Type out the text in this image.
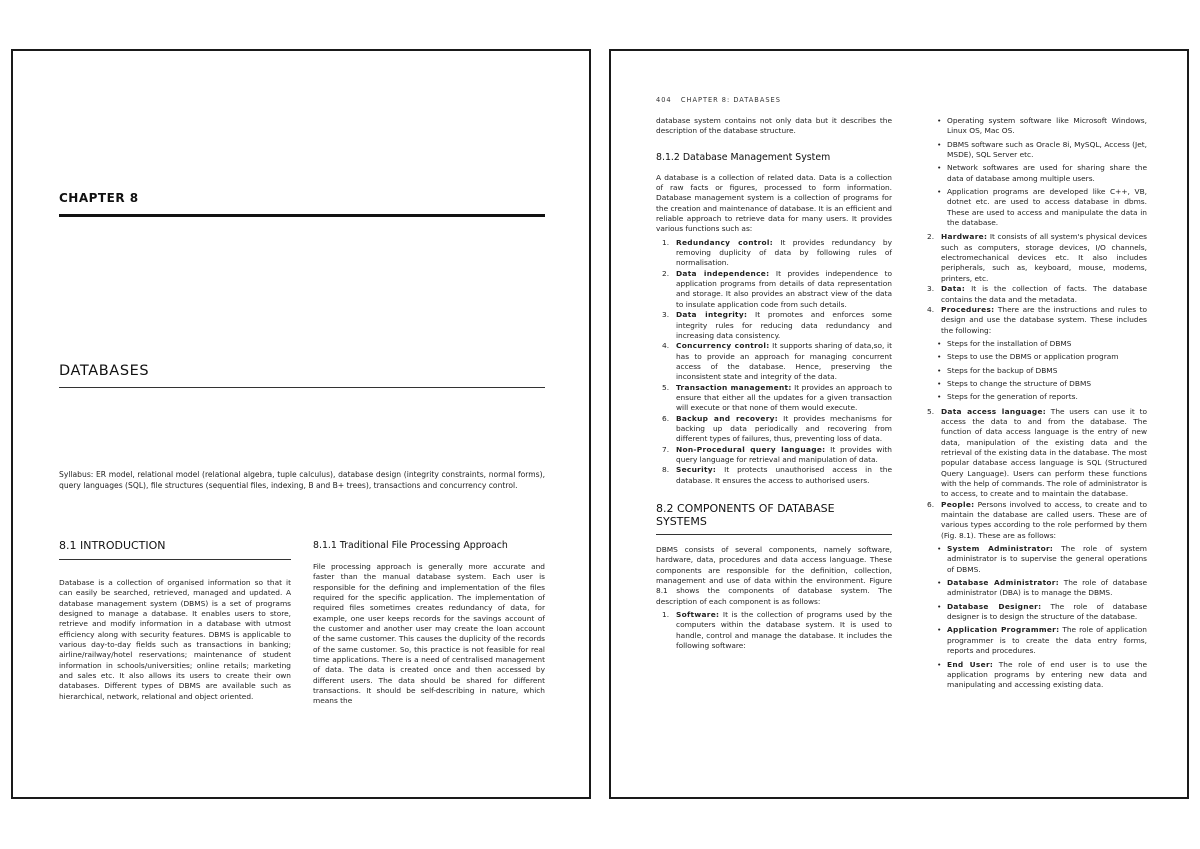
CHAPTER 8
DATABASES
Syllabus: ER model, relational model (relational algebra, tuple calculus), database design (integrity constraints, normal forms), query languages (SQL), file structures (sequential files, indexing, B and B+ trees), transactions and concurrency control.
8.1 INTRODUCTION
Database is a collection of organised information so that it can easily be searched, retrieved, managed and updated. A database management system (DBMS) is a set of programs designed to manage a database. It enables users to store, retrieve and modify information in a database with utmost efficiency along with security features. DBMS is applicable to various day-to-day fields such as transactions in banking; airline/railway/hotel reservations; maintenance of student information in schools/universities; online retails; marketing and sales etc. It also allows its users to create their own databases. Different types of DBMS are available such as hierarchical, network, relational and object oriented.
8.1.1 Traditional File Processing Approach
File processing approach is generally more accurate and faster than the manual database system. Each user is responsible for the defining and implementation of the files required for the specific application. The implementation of required files sometimes creates redundancy of data, for example, one user keeps records for the savings account of the customer and another user may create the loan account of the same customer. This causes the duplicity of the records of the same customer. So, this practice is not feasible for real time applications. There is a need of centralised management of data. The data is created once and then accessed by different users. The data should be shared for different transactions. It should be self-describing in nature, which means the
404 CHAPTER 8: DATABASES
database system contains not only data but it describes the description of the database structure.
8.1.2 Database Management System
A database is a collection of related data. Data is a collection of raw facts or figures, processed to form information. Database management system is a collection of programs for the creation and maintenance of database. It is an efficient and reliable approach to retrieve data for many users. It provides various functions such as:
1. Redundancy control: It provides redundancy by removing duplicity of data by following rules of normalisation.
2. Data independence: It provides independence to application programs from details of data representation and storage. It also provides an abstract view of the data to insulate application code from such details.
3. Data integrity: It promotes and enforces some integrity rules for reducing data redundancy and increasing data consistency.
4. Concurrency control: It supports sharing of data,so, it has to provide an approach for managing concurrent access of the database. Hence, preserving the inconsistent state and integrity of the data.
5. Transaction management: It provides an approach to ensure that either all the updates for a given transaction will execute or that none of them would execute.
6. Backup and recovery: It provides mechanisms for backing up data periodically and recovering from different types of failures, thus, preventing loss of data.
7. Non-Procedural query language: It provides with query language for retrieval and manipulation of data.
8. Security: It protects unauthorised access in the database. It ensures the access to authorised users.
8.2 COMPONENTS OF DATABASE
SYSTEMS
DBMS consists of several components, namely software, hardware, data, procedures and data access language. These components are responsible for the definition, collection, management and use of data within the environment. Figure 8.1 shows the components of database system. The description of each component is as follows:
1. Software: It is the collection of programs used by the computers within the database system. It is used to handle, control and manage the database. It includes the following software:
• Operating system software like Microsoft Windows, Linux OS, Mac OS.
• DBMS software such as Oracle 8i, MySQL, Access (Jet, MSDE), SQL Server etc.
• Network softwares are used for sharing share the data of database among multiple users.
• Application programs are developed like C++, VB, dotnet etc. are used to access database in dbms. These are used to access and manipulate the data in the database.
2. Hardware: It consists of all system's physical devices such as computers, storage devices, I/O channels, electromechanical devices etc. It also includes peripherals, such as, keyboard, mouse, modems, printers, etc.
3. Data: It is the collection of facts. The database contains the data and the metadata.
4. Procedures: There are the instructions and rules to design and use the database system. These includes the following:
• Steps for the installation of DBMS
• Steps to use the DBMS or application program
• Steps for the backup of DBMS
• Steps to change the structure of DBMS
• Steps for the generation of reports.
5. Data access language: The users can use it to access the data to and from the database. The function of data access language is the entry of new data, manipulation of the existing data and the retrieval of the existing data in the database. The most popular database access language is SQL (Structured Query Language). Users can perform these functions with the help of commands. The role of administrator is to access, to create and to maintain the database.
6. People: Persons involved to access, to create and to maintain the database are called users. These are of various types according to the role performed by them (Fig. 8.1). These are as follows:
• System Administrator: The role of system administrator is to supervise the general operations of DBMS.
• Database Administrator: The role of database administrator (DBA) is to manage the DBMS.
• Database Designer: The role of database designer is to design the structure of the database.
• Application Programmer: The role of application programmer is to create the data entry forms, reports and procedures.
• End User: The role of end user is to use the application programs by entering new data and manipulating and accessing existing data.
